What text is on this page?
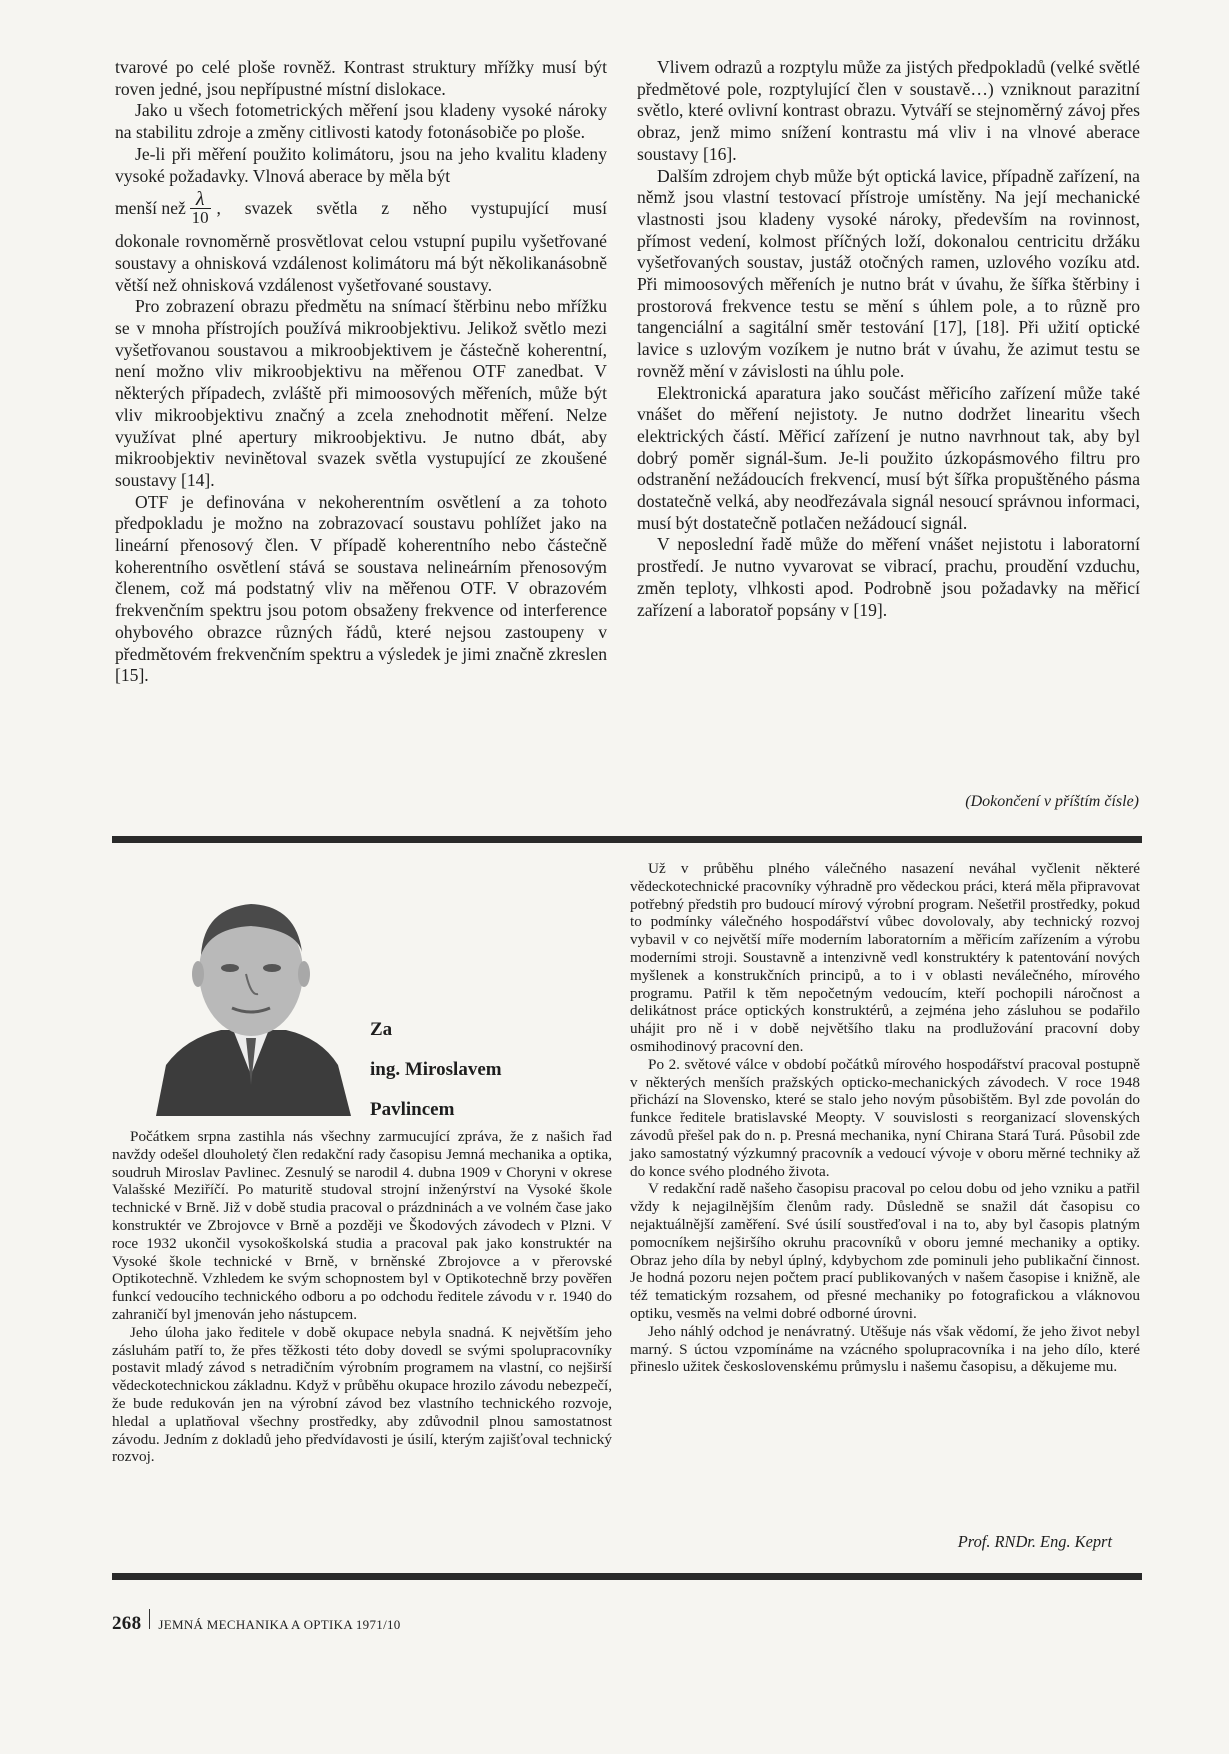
tvarové po celé ploše rovněž. Kontrast struktury mřížky musí být roven jedné, jsou nepřípustné místní dislokace.

Jako u všech fotometrických měření jsou kladeny vysoké nároky na stabilitu zdroje a změny citlivosti katody fotonásobiče po ploše.

Je-li při měření použito kolimátoru, jsou na jeho kvalitu kladeny vysoké požadavky. Vlnová aberace by měla být

menší než $\frac{\lambda}{10}$ , svazek světla z něho vystupující musí

dokonale rovnoměrně prosvětlovat celou vstupní pupilu vyšetřované soustavy a ohnisková vzdálenost kolimátoru má být několikanásobně větší než ohnisková vzdálenost vyšetřované soustavy.

Pro zobrazení obrazu předmětu na snímací štěrbinu nebo mřížku se v mnoha přístrojích používá mikroobjektivu. Jelikož světlo mezi vyšetřovanou soustavou a mikroobjektivem je částečně koherentní, není možno vliv mikroobjektivu na měřenou OTF zanedbat. V některých případech, zvláště při mimoosových měřeních, může být vliv mikroobjektivu značný a zcela znehodnotit měření. Nelze využívat plné apertury mikroobjektivu. Je nutno dbát, aby mikroobjektiv nevinětoval svazek světla vystupující ze zkoušené soustavy [14].

OTF je definována v nekoherentním osvětlení a za tohoto předpokladu je možno na zobrazovací soustavu pohlížet jako na lineární přenosový člen. V případě koherentního nebo částečně koherentního osvětlení stává se soustava nelineárním přenosovým členem, což má podstatný vliv na měřenou OTF. V obrazovém frekvenčním spektru jsou potom obsaženy frekvence od interference ohybového obrazce různých řádů, které nejsou zastoupeny v předmětovém frekvenčním spektru a výsledek je jimi značně zkreslen [15].

Vlivem odrazů a rozptylu může za jistých předpokladů (velké světlé předmětové pole, rozptylující člen v soustavě…) vzniknout parazitní světlo, které ovlivní kontrast obrazu. Vytváří se stejnoměrný závoj přes obraz, jenž mimo snížení kontrastu má vliv i na vlnové aberace soustavy [16].

Dalším zdrojem chyb může být optická lavice, případně zařízení, na němž jsou vlastní testovací přístroje umístěny. Na její mechanické vlastnosti jsou kladeny vysoké nároky, především na rovinnost, přímost vedení, kolmost příčných loží, dokonalou centricitu držáku vyšetřovaných soustav, justáž otočných ramen, uzlového vozíku atd. Při mimoosových měřeních je nutno brát v úvahu, že šířka štěrbiny i prostorová frekvence testu se mění s úhlem pole, a to různě pro tangenciální a sagitální směr testování [17], [18]. Při užití optické lavice s uzlovým vozíkem je nutno brát v úvahu, že azimut testu se rovněž mění v závislosti na úhlu pole.

Elektronická aparatura jako součást měřicího zařízení může také vnášet do měření nejistoty. Je nutno dodržet linearitu všech elektrických částí. Měřicí zařízení je nutno navrhnout tak, aby byl dobrý poměr signál-šum. Je-li použito úzkopásmového filtru pro odstranění nežádoucích frekvencí, musí být šířka propuštěného pásma dostatečně velká, aby neodřezávala signál nesoucí správnou informaci, musí být dostatečně potlačen nežádoucí signál.

V neposlední řadě může do měření vnášet nejistotu i laboratorní prostředí. Je nutno vyvarovat se vibrací, prachu, proudění vzduchu, změn teploty, vlhkosti apod. Podrobně jsou požadavky na měřicí zařízení a laboratoř popsány v [19].

(Dokončení v příštím čísle)
Za
ing. Miroslavem
Pavlincem

Počátkem srpna zastihla nás všechny zarmucující zpráva, že z našich řad navždy odešel dlouholetý člen redakční rady časopisu Jemná mechanika a optika, soudruh Miroslav Pavlinec. Zesnulý se narodil 4. dubna 1909 v Choryni v okrese Valašské Meziříčí. Po maturitě studoval strojní inženýrství na Vysoké škole technické v Brně. Již v době studia pracoval o prázdninách a ve volném čase jako konstruktér ve Zbrojovce v Brně a později ve Škodových závodech v Plzni. V roce 1932 ukončil vysokoškolská studia a pracoval pak jako konstruktér na Vysoké škole technické v Brně, v brněnské Zbrojovce a v přerovské Optikotechně. Vzhledem ke svým schopnostem byl v Optikotechně brzy pověřen funkcí vedoucího technického odboru a po odchodu ředitele závodu v r. 1940 do zahraničí byl jmenován jeho nástupcem.

Jeho úloha jako ředitele v době okupace nebyla snadná. K největším jeho zásluhám patří to, že přes těžkosti této doby dovedl se svými spolupracovníky postavit mladý závod s netradičním výrobním programem na vlastní, co nejširší vědeckotechnickou základnu. Když v průběhu okupace hrozilo závodu nebezpečí, že bude redukován jen na výrobní závod bez vlastního technického rozvoje, hledal a uplatňoval všechny prostředky, aby zdůvodnil plnou samostatnost závodu. Jedním z dokladů jeho předvídavosti je úsilí, kterým zajišťoval technický rozvoj.

Už v průběhu plného válečného nasazení neváhal vyčlenit některé vědeckotechnické pracovníky výhradně pro vědeckou práci, která měla připravovat potřebný předstih pro budoucí mírový výrobní program. Nešetřil prostředky, pokud to podmínky válečného hospodářství vůbec dovolovaly, aby technický rozvoj vybavil v co největší míře moderním laboratorním a měřicím zařízením a výrobu moderními stroji. Soustavně a intenzivně vedl konstruktéry k patentování nových myšlenek a konstrukčních principů, a to i v oblasti neválečného, mírového programu. Patřil k těm nepočetným vedoucím, kteří pochopili náročnost a delikátnost práce optických konstruktérů, a zejména jeho zásluhou se podařilo uhájit pro ně i v době největšího tlaku na prodlužování pracovní doby osmihodinový pracovní den.

Po 2. světové válce v období počátků mírového hospodářství pracoval postupně v některých menších pražských opticko-mechanických závodech. V roce 1948 přichází na Slovensko, které se stalo jeho novým působištěm. Byl zde povolán do funkce ředitele bratislavské Meopty. V souvislosti s reorganizací slovenských závodů přešel pak do n. p. Presná mechanika, nyní Chirana Stará Turá. Působil zde jako samostatný výzkumný pracovník a vedoucí vývoje v oboru měrné techniky až do konce svého plodného života.

V redakční radě našeho časopisu pracoval po celou dobu od jeho vzniku a patřil vždy k nejagilnějším členům rady. Důsledně se snažil dát časopisu co nejaktuálnější zaměření. Své úsilí soustřeďoval i na to, aby byl časopis platným pomocníkem nejširšího okruhu pracovníků v oboru jemné mechaniky a optiky. Obraz jeho díla by nebyl úplný, kdybychom zde pominuli jeho publikační činnost. Je hodná pozoru nejen počtem prací publikovaných v našem časopise i knižně, ale též tematickým rozsahem, od přesné mechaniky po fotografickou a vláknovou optiku, vesměs na velmi dobré odborné úrovni.

Jeho náhlý odchod je nenávratný. Utěšuje nás však vědomí, že jeho život nebyl marný. S úctou vzpomínáme na vzácného spolupracovníka i na jeho dílo, které přineslo užitek československému průmyslu i našemu časopisu, a děkujeme mu.

Prof. RNDr. Eng. Keprt
268 JEMNÁ MECHANIKA A OPTIKA 1971/10
